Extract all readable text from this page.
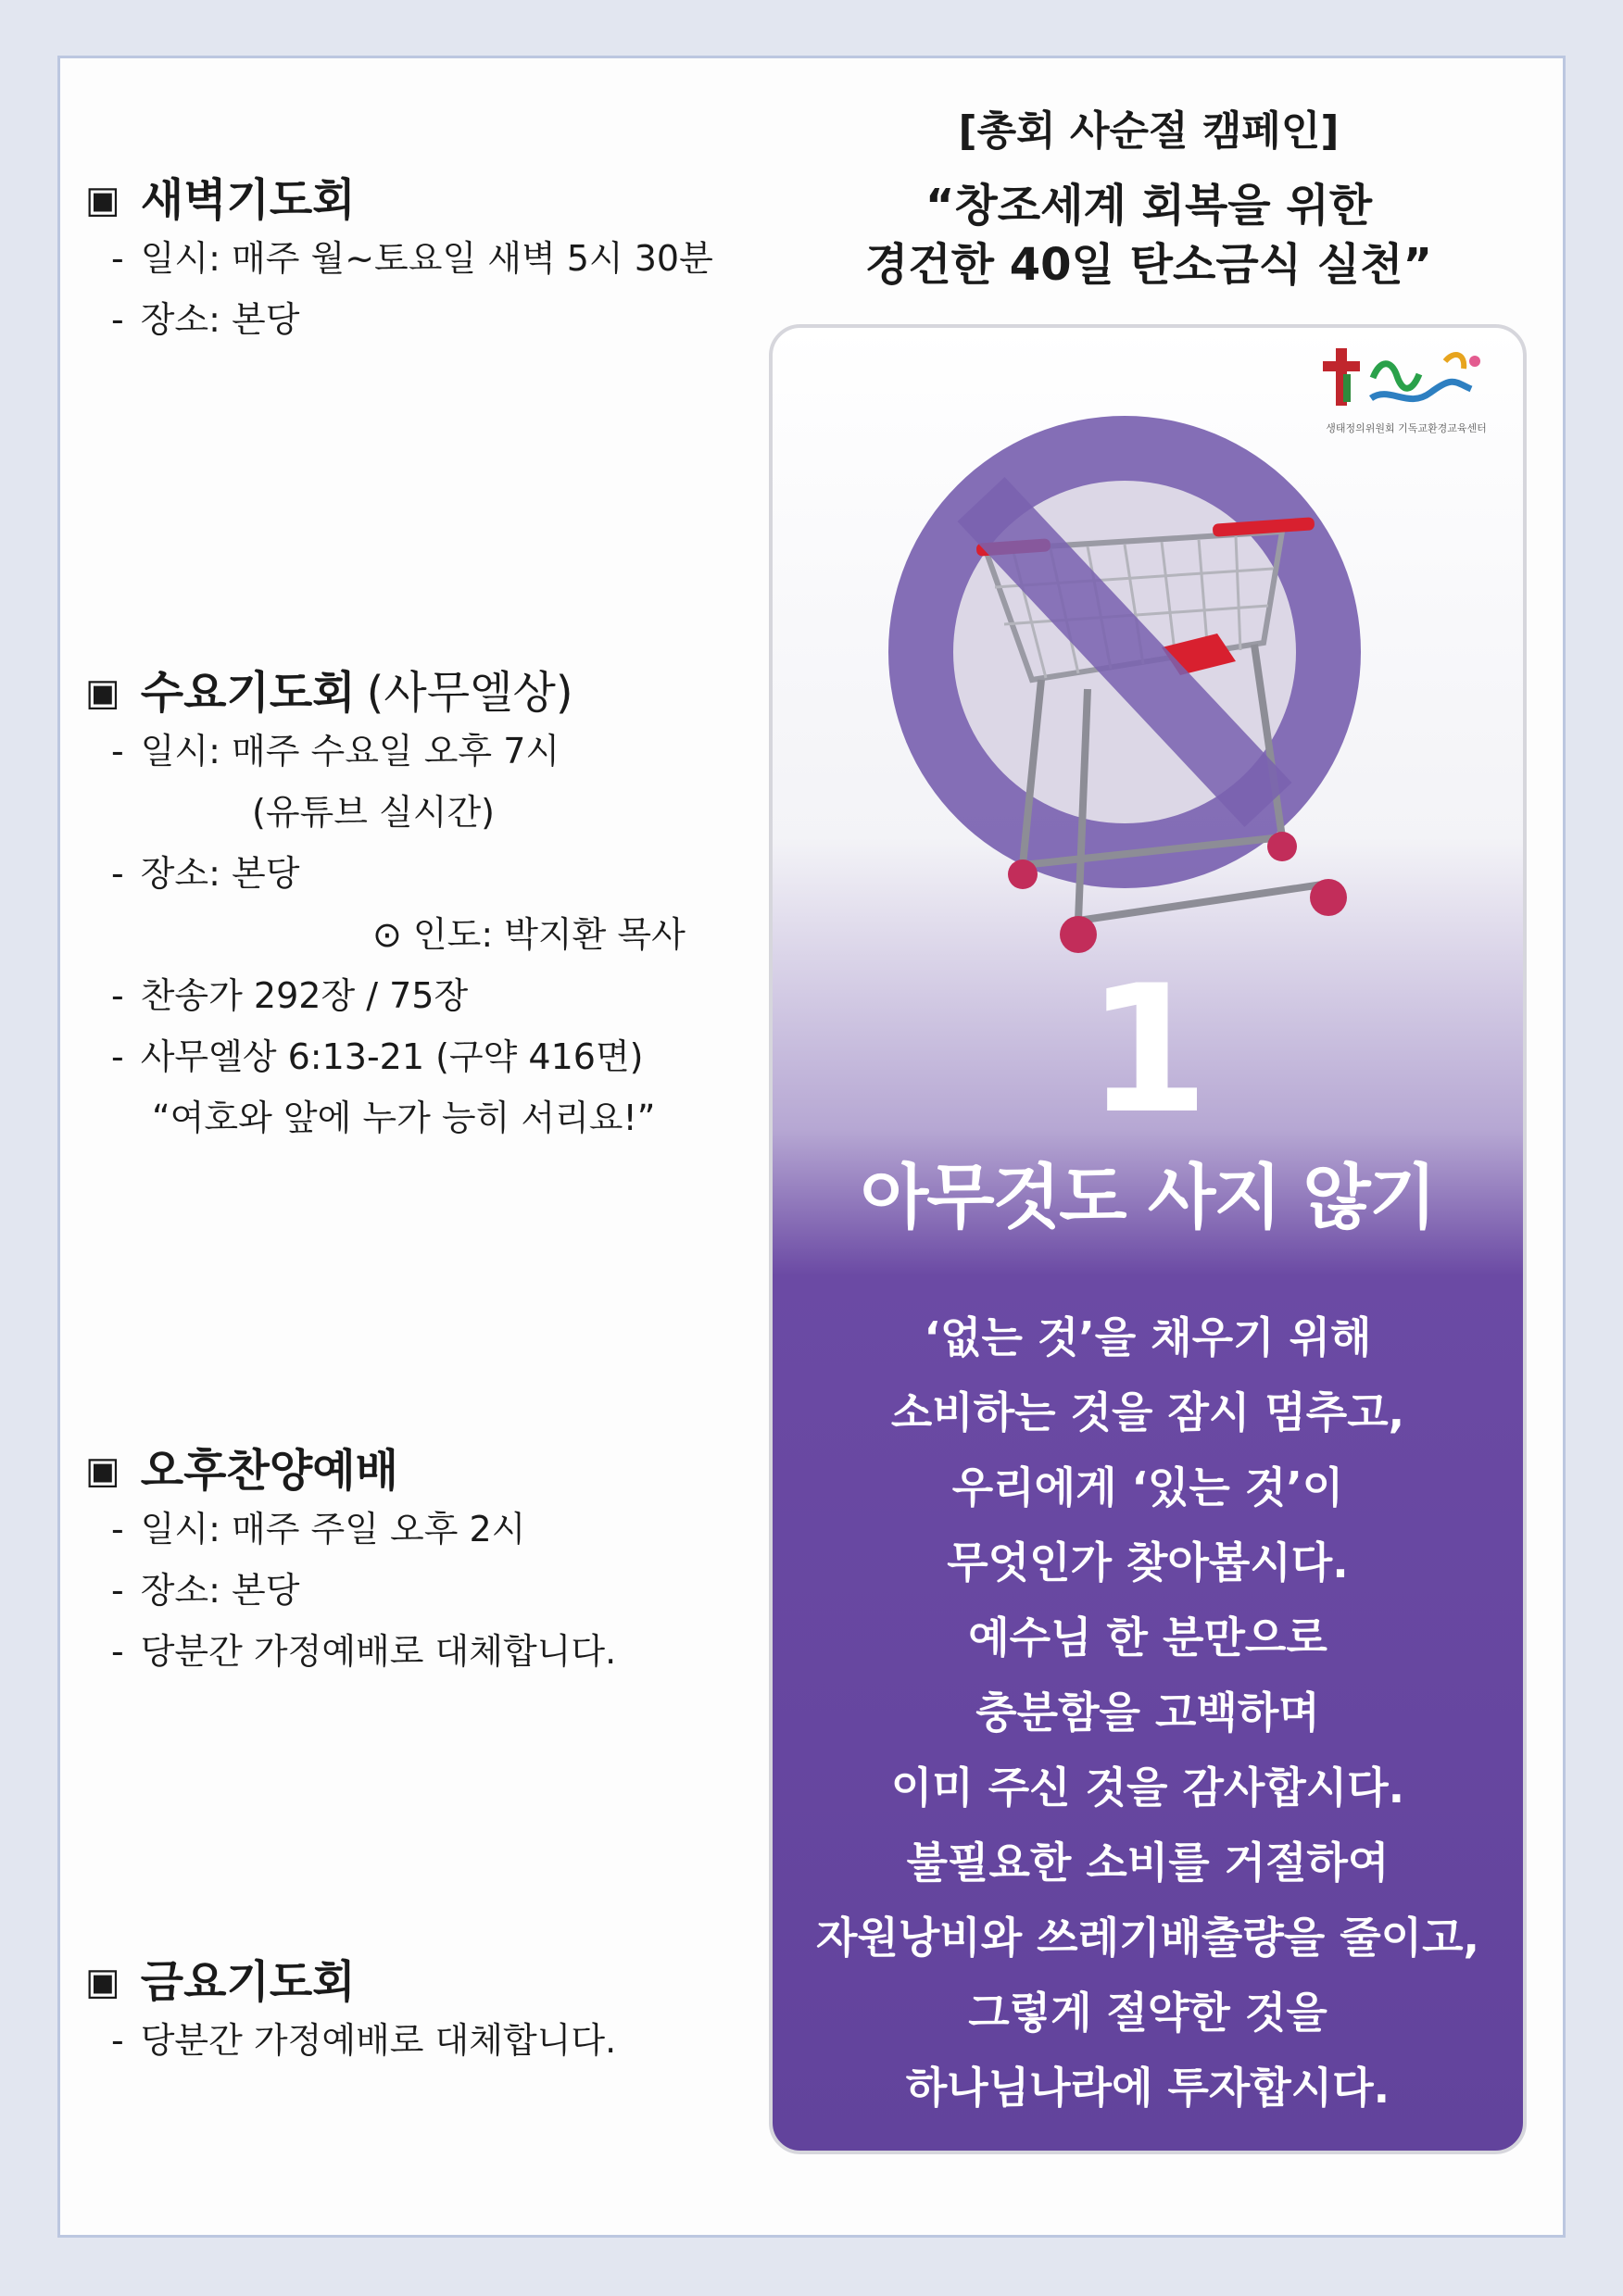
▣ 새벽기도회

- 일시: 매주 월~토요일 새벽 5시 30분

- 장소: 본당

▣ 수요기도회 (사무엘상)

- 일시: 매주 수요일 오후 7시

(유튜브 실시간)

- 장소: 본당

⊙ 인도: 박지환 목사

- 찬송가 292장 / 75장

- 사무엘상 6:13-21 (구약 416면)

“여호와 앞에 누가 능히 서리요!”

▣ 오후찬양예배

- 일시: 매주 주일 오후 2시

- 장소: 본당

- 당분간 가정예배로 대체합니다.

▣ 금요기도회

- 당분간 가정예배로 대체합니다.

[총회 사순절 캠페인]

“창조세계 회복을 위한

경건한 40일 탄소금식 실천”

생태정의위원회 기독교환경교육센터
1
아무것도 사지 않기

‘없는 것’을 채우기 위해

소비하는 것을 잠시 멈추고,

우리에게 ‘있는 것’이

무엇인가 찾아봅시다.

예수님 한 분만으로

충분함을 고백하며

이미 주신 것을 감사합시다.

불필요한 소비를 거절하여

자원낭비와 쓰레기배출량을 줄이고,

그렇게 절약한 것을

하나님나라에 투자합시다.
